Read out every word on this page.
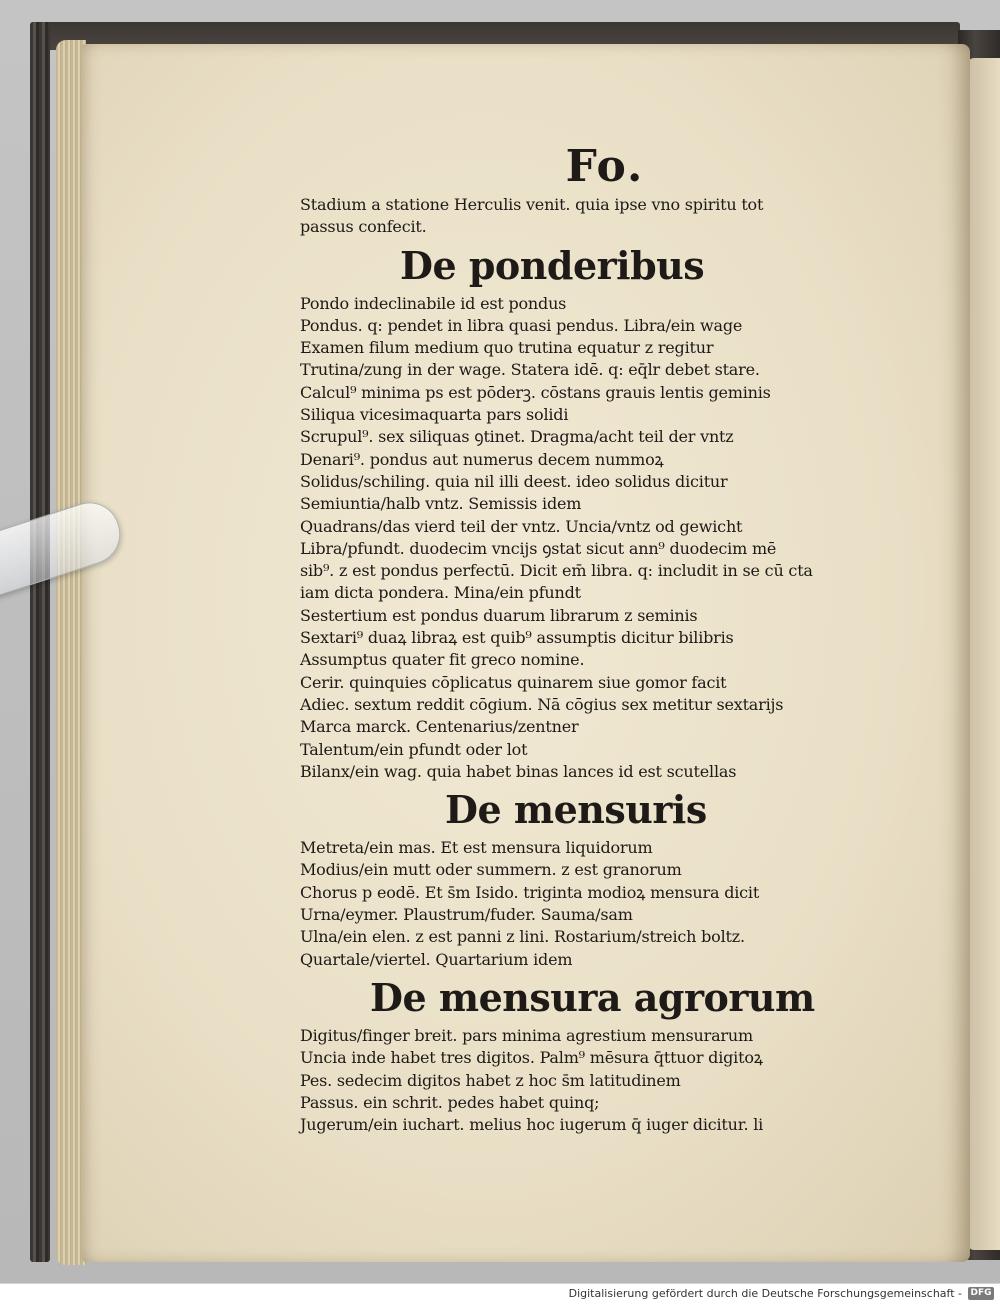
Fo.
Stadium a statione Herculis venit. quia ipse vno spiritu tot
passus confecit.
De ponderibus
Pondo indeclinabile id est pondus
Pondus. q: pendet in libra quasi pendus. Libra/ein wage
Examen filum medium quo trutina equatur z regitur
Trutina/zung in der wage. Statera idē. q: eq̄lr debet stare.
Calcul⁹ minima ps est pōderꝫ. cōstans grauis lentis geminis
Siliqua vicesimaquarta pars solidi
Scrupul⁹. sex siliquas ꝯtinet. Dragma/acht teil der vntz
Denari⁹. pondus aut numerus decem nummoꝝ
Solidus/schiling. quia nil illi deest. ideo solidus dicitur
Semiuntia/halb vntz. Semissis idem
Quadrans/das vierd teil der vntz. Uncia/vntz od gewicht
Libra/pfundt. duodecim vncijs ꝯstat sicut ann⁹ duodecim mē
sib⁹. z est pondus perfectū. Dicit em̄ libra. q: includit in se cū cta
iam dicta pondera. Mina/ein pfundt
Sestertium est pondus duarum librarum z seminis
Sextari⁹ duaꝝ libraꝝ est quib⁹ assumptis dicitur bilibris
Assumptus quater fit greco nomine.
Cerir. quinquies cōplicatus quinarem siue gomor facit
Adiec. sextum reddit cōgium. Nā cōgius sex metitur sextarijs
Marca marck. Centenarius/zentner
Talentum/ein pfundt oder lot
Bilanx/ein wag. quia habet binas lances id est scutellas
De mensuris
Metreta/ein mas. Et est mensura liquidorum
Modius/ein mutt oder summern. z est granorum
Chorus p eodē. Et s̄m Isido. triginta modioꝝ mensura dicit
Urna/eymer. Plaustrum/fuder. Sauma/sam
Ulna/ein elen. z est panni z lini. Rostarium/streich boltz.
Quartale/viertel. Quartarium idem
De mensura agrorum
Digitus/finger breit. pars minima agrestium mensurarum
Uncia inde habet tres digitos. Palm⁹ mēsura q̄ttuor digitoꝝ
Pes. sedecim digitos habet z hoc s̄m latitudinem
Passus. ein schrit. pedes habet quinq;
Jugerum/ein iuchart. melius hoc iugerum q̄ iuger dicitur. li
Digitalisierung gefördert durch die Deutsche Forschungsgemeinschaft - DFG
